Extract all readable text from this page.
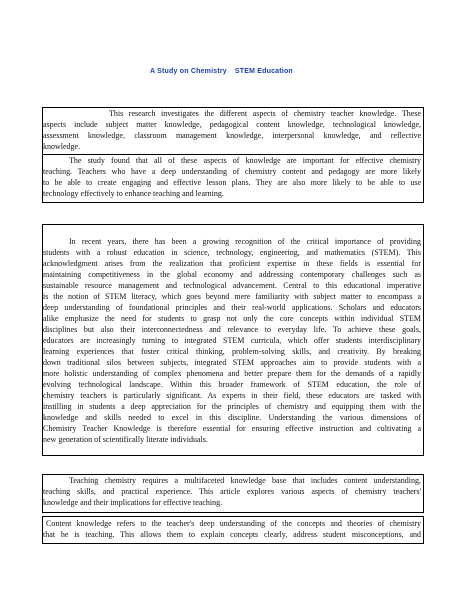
A Study on Chemistry STEM Education
This research investigates the different aspects of chemistry teacher knowledge. These
aspects include subject matter knowledge, pedagogical content knowledge, technological knowledge,
assessment knowledge, classroom management knowledge, interpersonal knowledge, and reflective
knowledge.
The study found that all of these aspects of knowledge are important for effective chemistry
teaching. Teachers who have a deep understanding of chemistry content and pedagogy are more likely
to be able to create engaging and effective lesson plans. They are also more likely to be able to use
technology effectively to enhance teaching and learning.
In recent years, there has been a growing recognition of the critical importance of providing
students with a robust education in science, technology, engineering, and mathematics (STEM). This
acknowledgment arises from the realization that proficient expertise in these fields is essential for
maintaining competitiveness in the global economy and addressing contemporary challenges such as
sustainable resource management and technological advancement. Central to this educational imperative
is the notion of STEM literacy, which goes beyond mere familiarity with subject matter to encompass a
deep understanding of foundational principles and their real-world applications. Scholars and educators
alike emphasize the need for students to grasp not only the core concepts within individual STEM
disciplines but also their interconnectedness and relevance to everyday life. To achieve these goals,
educators are increasingly turning to integrated STEM curricula, which offer students interdisciplinary
learning experiences that foster critical thinking, problem-solving skills, and creativity. By breaking
down traditional silos between subjects, integrated STEM approaches aim to provide students with a
more holistic understanding of complex phenomena and better prepare them for the demands of a rapidly
evolving technological landscape. Within this broader framework of STEM education, the role of
chemistry teachers is particularly significant. As experts in their field, these educators are tasked with
instilling in students a deep appreciation for the principles of chemistry and equipping them with the
knowledge and skills needed to excel in this discipline. Understanding the various dimensions of
Chemistry Teacher Knowledge is therefore essential for ensuring effective instruction and cultivating a
new generation of scientifically literate individuals.
Teaching chemistry requires a multifaceted knowledge base that includes content understanding,
teaching skills, and practical experience. This article explores various aspects of chemistry teachers'
knowledge and their implications for effective teaching.
Content knowledge refers to the teacher's deep understanding of the concepts and theories of chemistry
that he is teaching. This allows them to explain concepts clearly, address student misconceptions, and
